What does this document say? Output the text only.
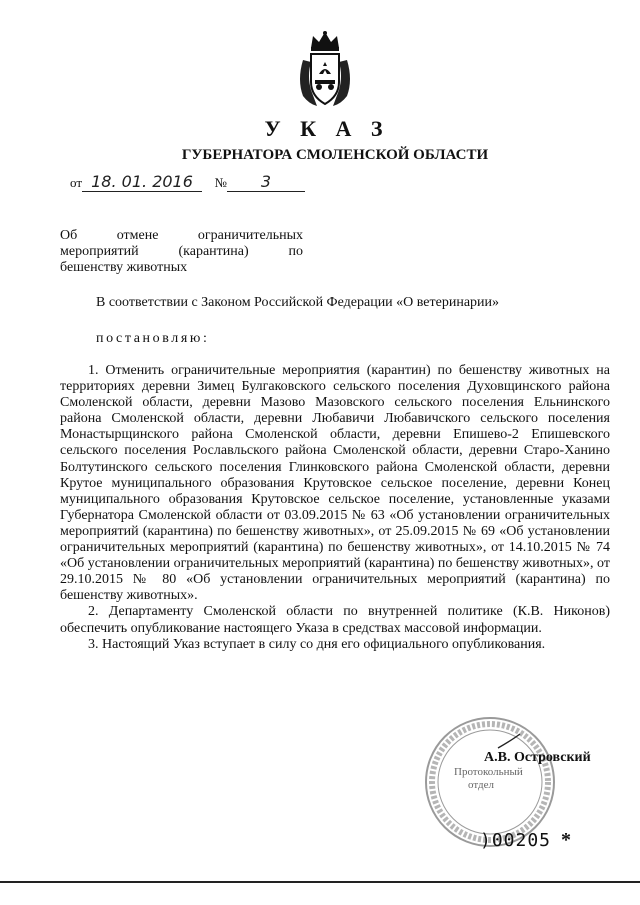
У К А З
ГУБЕРНАТОРА СМОЛЕНСКОЙ ОБЛАСТИ
от 18. 01. 2016 № 3
Об отмене ограничительных
мероприятий (карантина) по
бешенству животных
В соответствии с Законом Российской Федерации «О ветеринарии»
постановляю:

1. Отменить ограничительные мероприятия (карантин) по бешенству животных на территориях деревни Зимец Булгаковского сельского поселения Духовщинского района Смоленской области, деревни Мазово Мазовского сельского поселения Ельнинского района Смоленской области, деревни Любавичи Любавичского сельского поселения Монастырщинского района Смоленской области, деревни Епишево-2 Епишевского сельского поселения Рославльского района Смоленской области, деревни Старо-Ханино Болтутинского сельского поселения Глинковского района Смоленской области, деревни Крутое муниципального образования Крутовское сельское поселение, деревни Конец муниципального образования Крутовское сельское поселение, установленные указами Губернатора Смоленской области от 03.09.2015 № 63 «Об установлении ограничительных мероприятий (карантина) по бешенству животных», от 25.09.2015 № 69 «Об установлении ограничительных мероприятий (карантина) по бешенству животных», от 14.10.2015 № 74 «Об установлении ограничительных мероприятий (карантина) по бешенству животных», от 29.10.2015 № 80 «Об установлении ограничительных мероприятий (карантина) по бешенству животных».

2. Департаменту Смоленской области по внутренней политике (К.В. Никонов) обеспечить опубликование настоящего Указа в средствах массовой информации.

3. Настоящий Указ вступает в силу со дня его официального опубликования.

А.В. Островский
Протокольный
отдел
)00205 *
